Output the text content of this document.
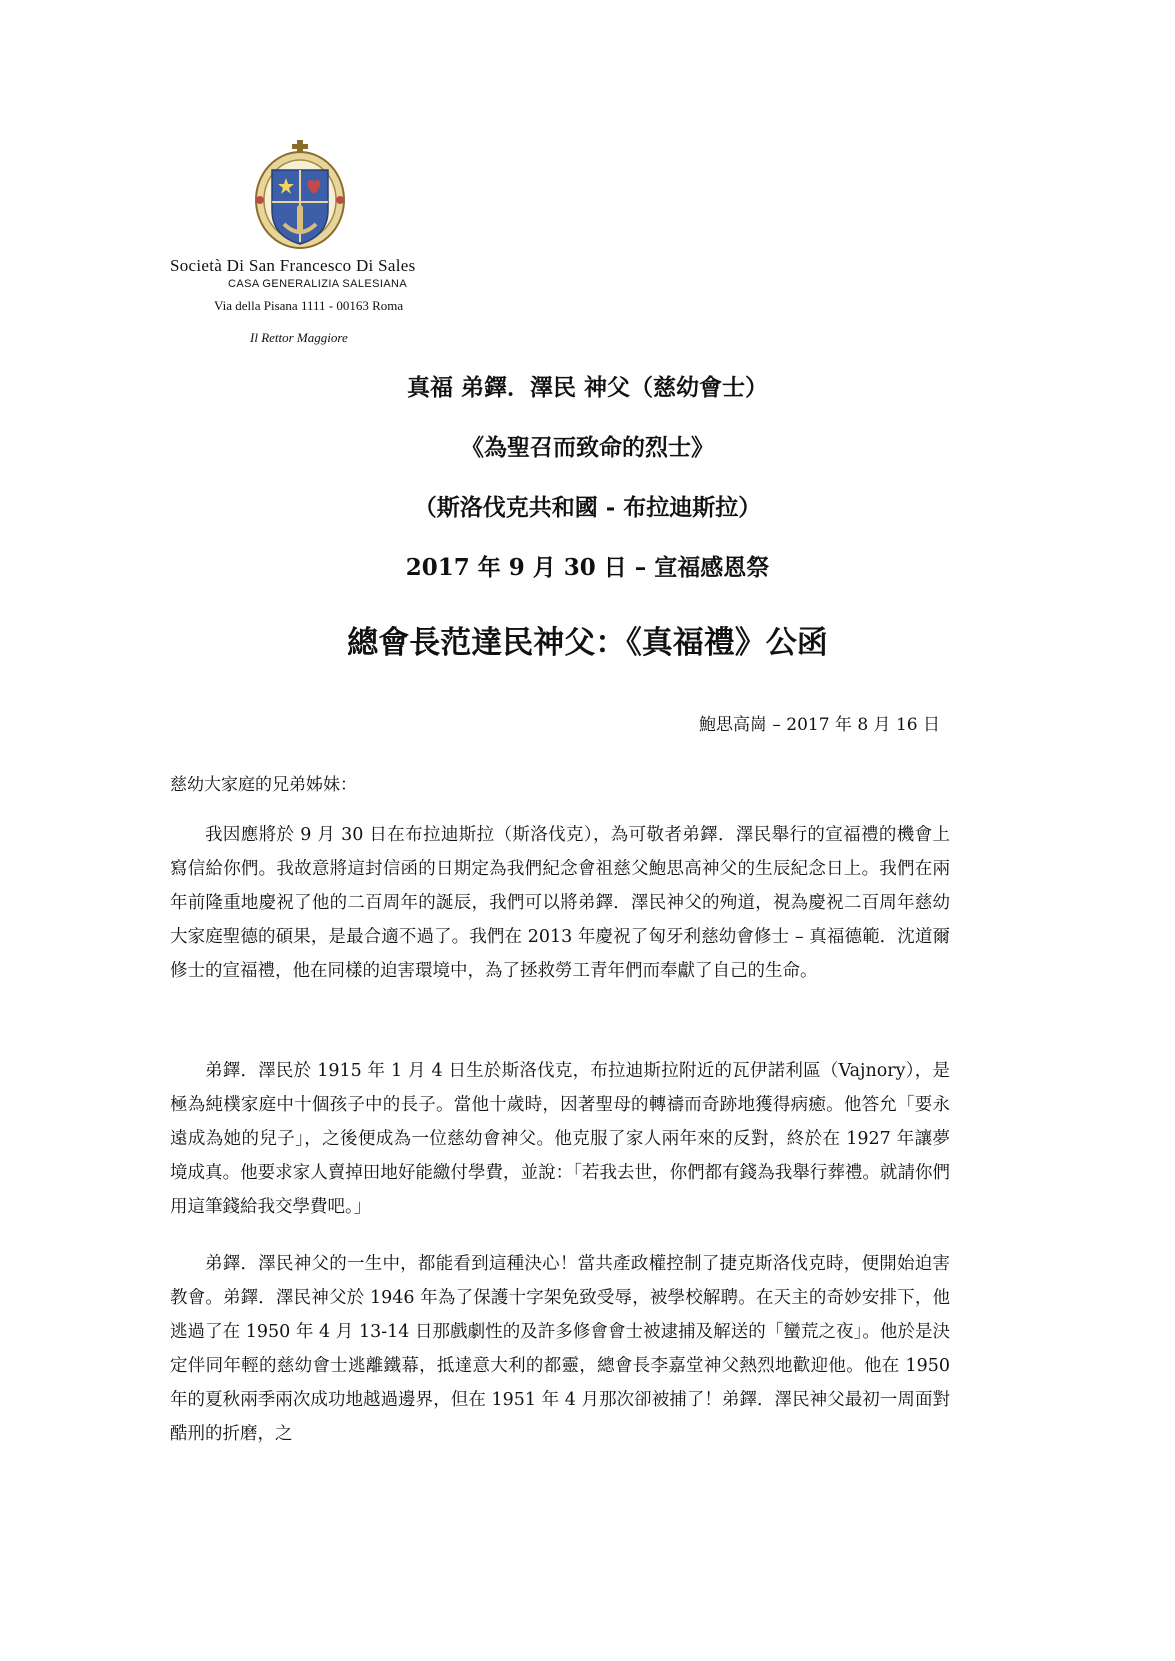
Società Di San Francesco Di Sales
CASA GENERALIZIA SALESIANA
Via della Pisana 1111 - 00163 Roma
Il Rettor Maggiore
真福 弟鐸．澤民 神父（慈幼會士）
《為聖召而致命的烈士》
（斯洛伐克共和國 - 布拉迪斯拉）
2017 年 9 月 30 日 – 宣福感恩祭
總會長范達民神父：《真福禮》公函
鮑思高崗 – 2017 年 8 月 16 日
慈幼大家庭的兄弟姊妹：

我因應將於 9 月 30 日在布拉迪斯拉（斯洛伐克），為可敬者弟鐸．澤民舉行的宣福禮的機會上寫信給你們。我故意將這封信函的日期定為我們紀念會祖慈父鮑思高神父的生辰紀念日上。我們在兩年前隆重地慶祝了他的二百周年的誕辰，我們可以將弟鐸．澤民神父的殉道，視為慶祝二百周年慈幼大家庭聖德的碩果，是最合適不過了。我們在 2013 年慶祝了匈牙利慈幼會修士 – 真福德範．沈道爾修士的宣福禮，他在同樣的迫害環境中，為了拯救勞工青年們而奉獻了自己的生命。

弟鐸．澤民於 1915 年 1 月 4 日生於斯洛伐克，布拉迪斯拉附近的瓦伊諾利區（Vajnory），是極為純樸家庭中十個孩子中的長子。當他十歲時，因著聖母的轉禱而奇跡地獲得病癒。他答允「要永遠成為她的兒子」，之後便成為一位慈幼會神父。他克服了家人兩年來的反對，終於在 1927 年讓夢境成真。他要求家人賣掉田地好能繳付學費，並說：「若我去世，你們都有錢為我舉行葬禮。就請你們用這筆錢給我交學費吧。」

弟鐸．澤民神父的一生中，都能看到這種決心！當共產政權控制了捷克斯洛伐克時，便開始迫害教會。弟鐸．澤民神父於 1946 年為了保護十字架免致受辱，被學校解聘。在天主的奇妙安排下，他逃過了在 1950 年 4 月 13-14 日那戲劇性的及許多修會會士被逮捕及解送的「蠻荒之夜」。他於是決定伴同年輕的慈幼會士逃離鐵幕，抵達意大利的都靈，總會長李嘉堂神父熱烈地歡迎他。他在 1950 年的夏秋兩季兩次成功地越過邊界，但在 1951 年 4 月那次卻被捕了！弟鐸．澤民神父最初一周面對酷刑的折磨，之
